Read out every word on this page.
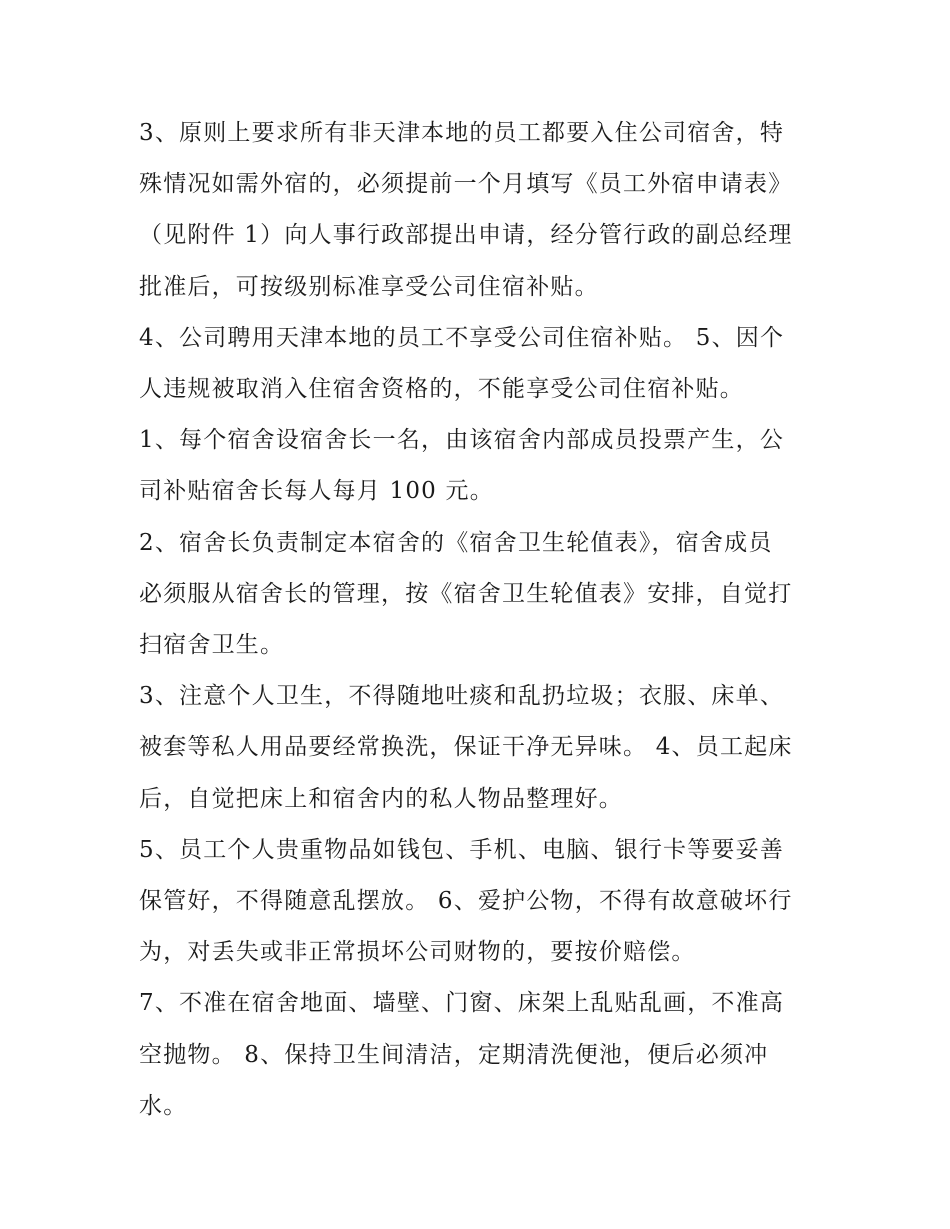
3、原则上要求所有非天津本地的员工都要入住公司宿舍，特
殊情况如需外宿的，必须提前一个月填写《员工外宿申请表》
（见附件 1）向人事行政部提出申请，经分管行政的副总经理
批准后，可按级别标准享受公司住宿补贴。

4、公司聘用天津本地的员工不享受公司住宿补贴。 5、因个
人违规被取消入住宿舍资格的，不能享受公司住宿补贴。

1、每个宿舍设宿舍长一名，由该宿舍内部成员投票产生，公
司补贴宿舍长每人每月 100 元。

2、宿舍长负责制定本宿舍的《宿舍卫生轮值表》，宿舍成员
必须服从宿舍长的管理，按《宿舍卫生轮值表》安排，自觉打
扫宿舍卫生。

3、注意个人卫生，不得随地吐痰和乱扔垃圾；衣服、床单、
被套等私人用品要经常换洗，保证干净无异味。 4、员工起床
后，自觉把床上和宿舍内的私人物品整理好。

5、员工个人贵重物品如钱包、手机、电脑、银行卡等要妥善
保管好，不得随意乱摆放。 6、爱护公物，不得有故意破坏行
为，对丢失或非正常损坏公司财物的，要按价赔偿。

7、不准在宿舍地面、墙壁、门窗、床架上乱贴乱画，不准高
空抛物。 8、保持卫生间清洁，定期清洗便池，便后必须冲
水。
